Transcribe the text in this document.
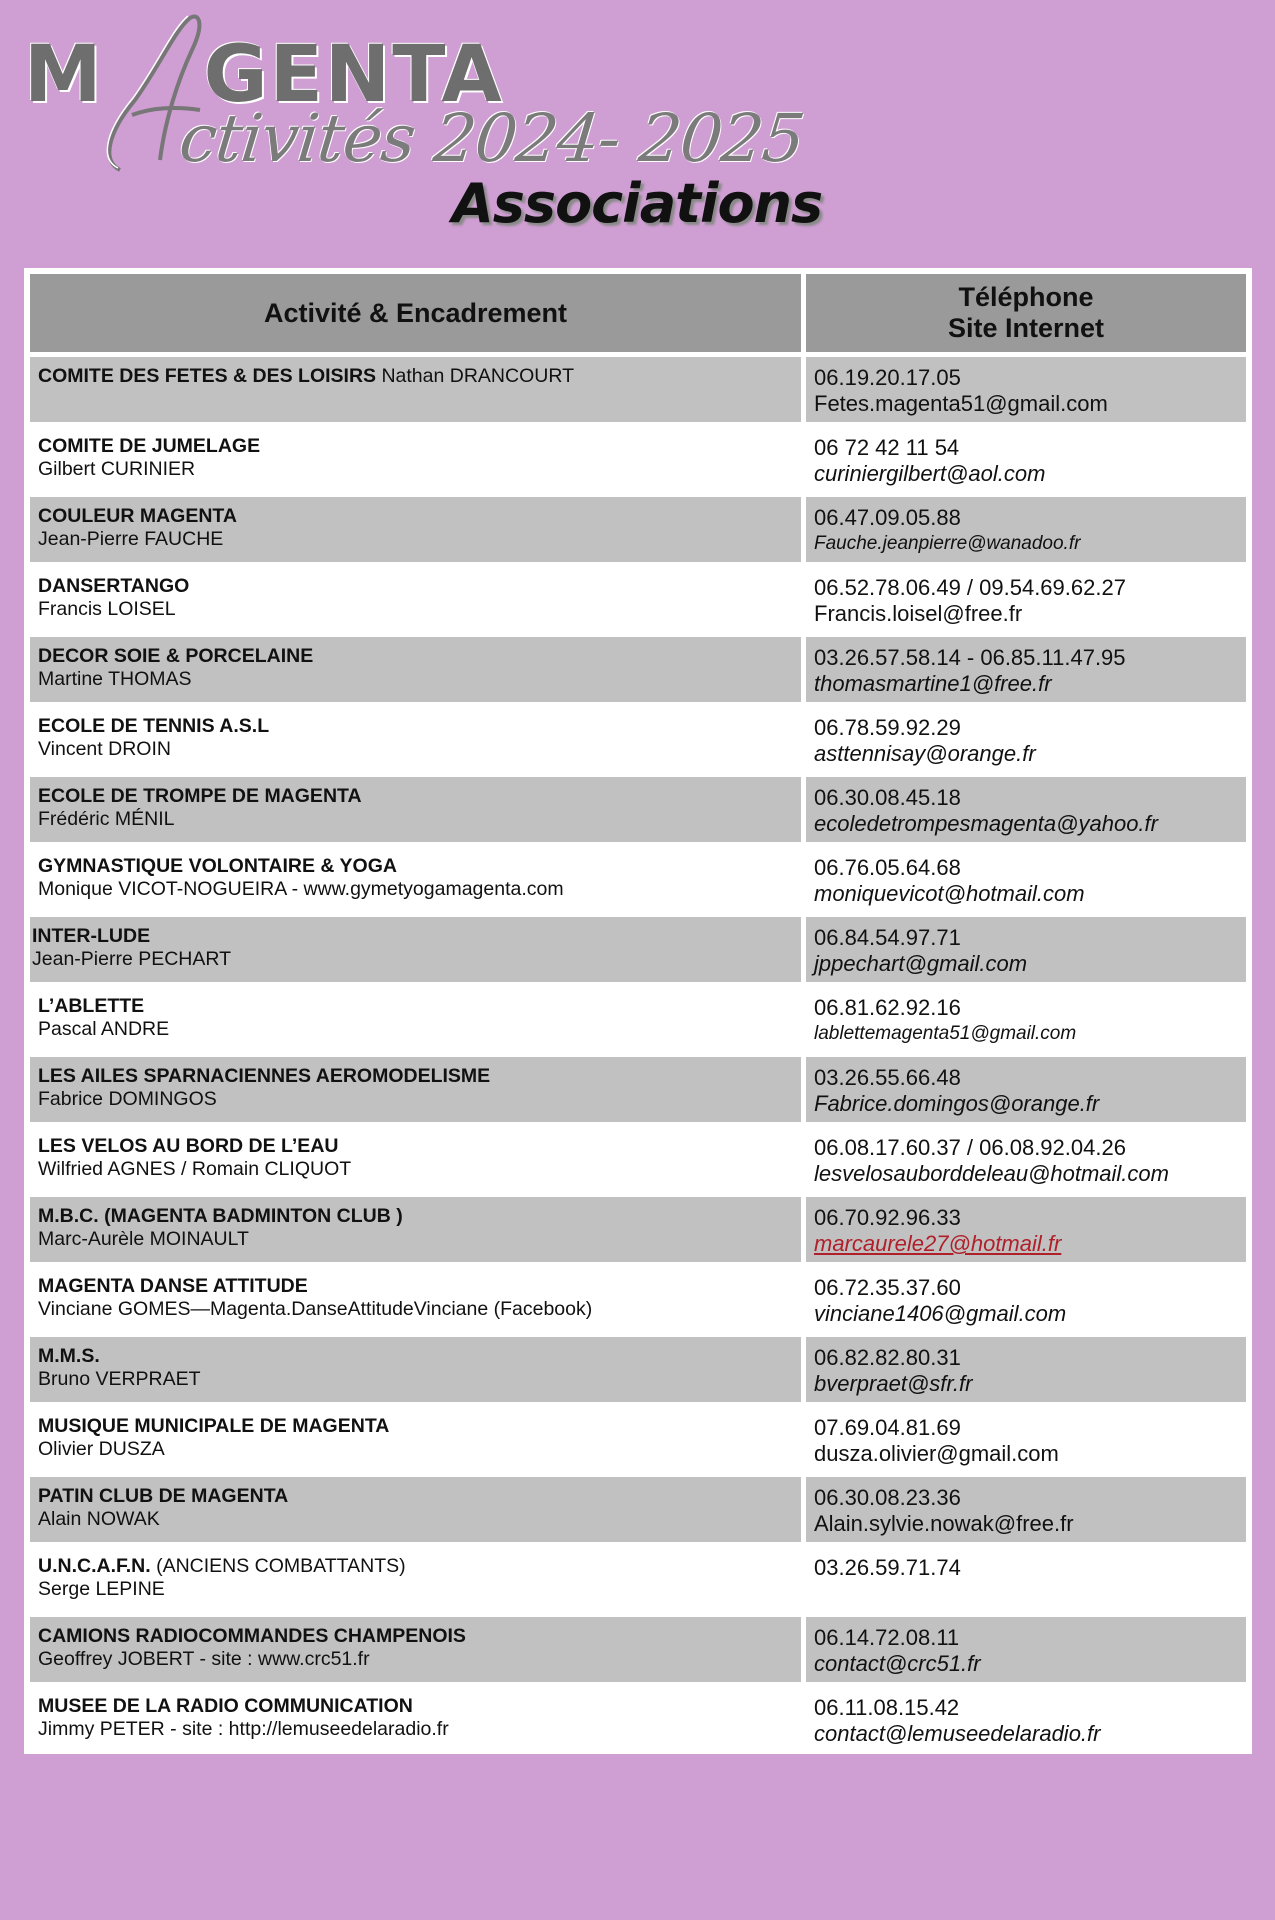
M GENTA
ctivités 2024- 2025
Associations
Activité & Encadrement	Téléphone
Site Internet
COMITE DES FETES & DES LOISIRS Nathan DRANCOURT	06.19.20.17.05
Fetes.magenta51@gmail.com

COMITE DE JUMELAGE
Gilbert CURINIER	06 72 42 11 54
curiniergilbert@aol.com

COULEUR MAGENTA
Jean-Pierre FAUCHE	06.47.09.05.88
Fauche.jeanpierre@wanadoo.fr

DANSERTANGO
Francis LOISEL	06.52.78.06.49 / 09.54.69.62.27
Francis.loisel@free.fr

DECOR SOIE & PORCELAINE
Martine THOMAS	03.26.57.58.14 - 06.85.11.47.95
thomasmartine1@free.fr

ECOLE DE TENNIS A.S.L
Vincent DROIN	06.78.59.92.29
asttennisay@orange.fr

ECOLE DE TROMPE DE MAGENTA
Frédéric MÉNIL	06.30.08.45.18
ecoledetrompesmagenta@yahoo.fr

GYMNASTIQUE VOLONTAIRE & YOGA
Monique VICOT-NOGUEIRA - www.gymetyogamagenta.com	06.76.05.64.68
moniquevicot@hotmail.com

INTER-LUDE
Jean-Pierre PECHART	06.84.54.97.71
jppechart@gmail.com

L’ABLETTE
Pascal ANDRE	06.81.62.92.16
lablettemagenta51@gmail.com

LES AILES SPARNACIENNES AEROMODELISME
Fabrice DOMINGOS	03.26.55.66.48
Fabrice.domingos@orange.fr

LES VELOS AU BORD DE L’EAU
Wilfried AGNES / Romain CLIQUOT	06.08.17.60.37 / 06.08.92.04.26
lesvelosauborddeleau@hotmail.com

M.B.C. (MAGENTA BADMINTON CLUB )
Marc-Aurèle MOINAULT	06.70.92.96.33
marcaurele27@hotmail.fr

MAGENTA DANSE ATTITUDE
Vinciane GOMES—Magenta.DanseAttitudeVinciane (Facebook)	06.72.35.37.60
vinciane1406@gmail.com

M.M.S.
Bruno VERPRAET	06.82.82.80.31
bverpraet@sfr.fr

MUSIQUE MUNICIPALE DE MAGENTA
Olivier DUSZA	07.69.04.81.69
dusza.olivier@gmail.com

PATIN CLUB DE MAGENTA
Alain NOWAK	06.30.08.23.36
Alain.sylvie.nowak@free.fr

U.N.C.A.F.N. (ANCIENS COMBATTANTS)
Serge LEPINE	03.26.59.71.74

CAMIONS RADIOCOMMANDES CHAMPENOIS
Geoffrey JOBERT - site : www.crc51.fr	06.14.72.08.11
contact@crc51.fr

MUSEE DE LA RADIO COMMUNICATION
Jimmy PETER - site : http://lemuseedelaradio.fr	06.11.08.15.42
contact@lemuseedelaradio.fr
